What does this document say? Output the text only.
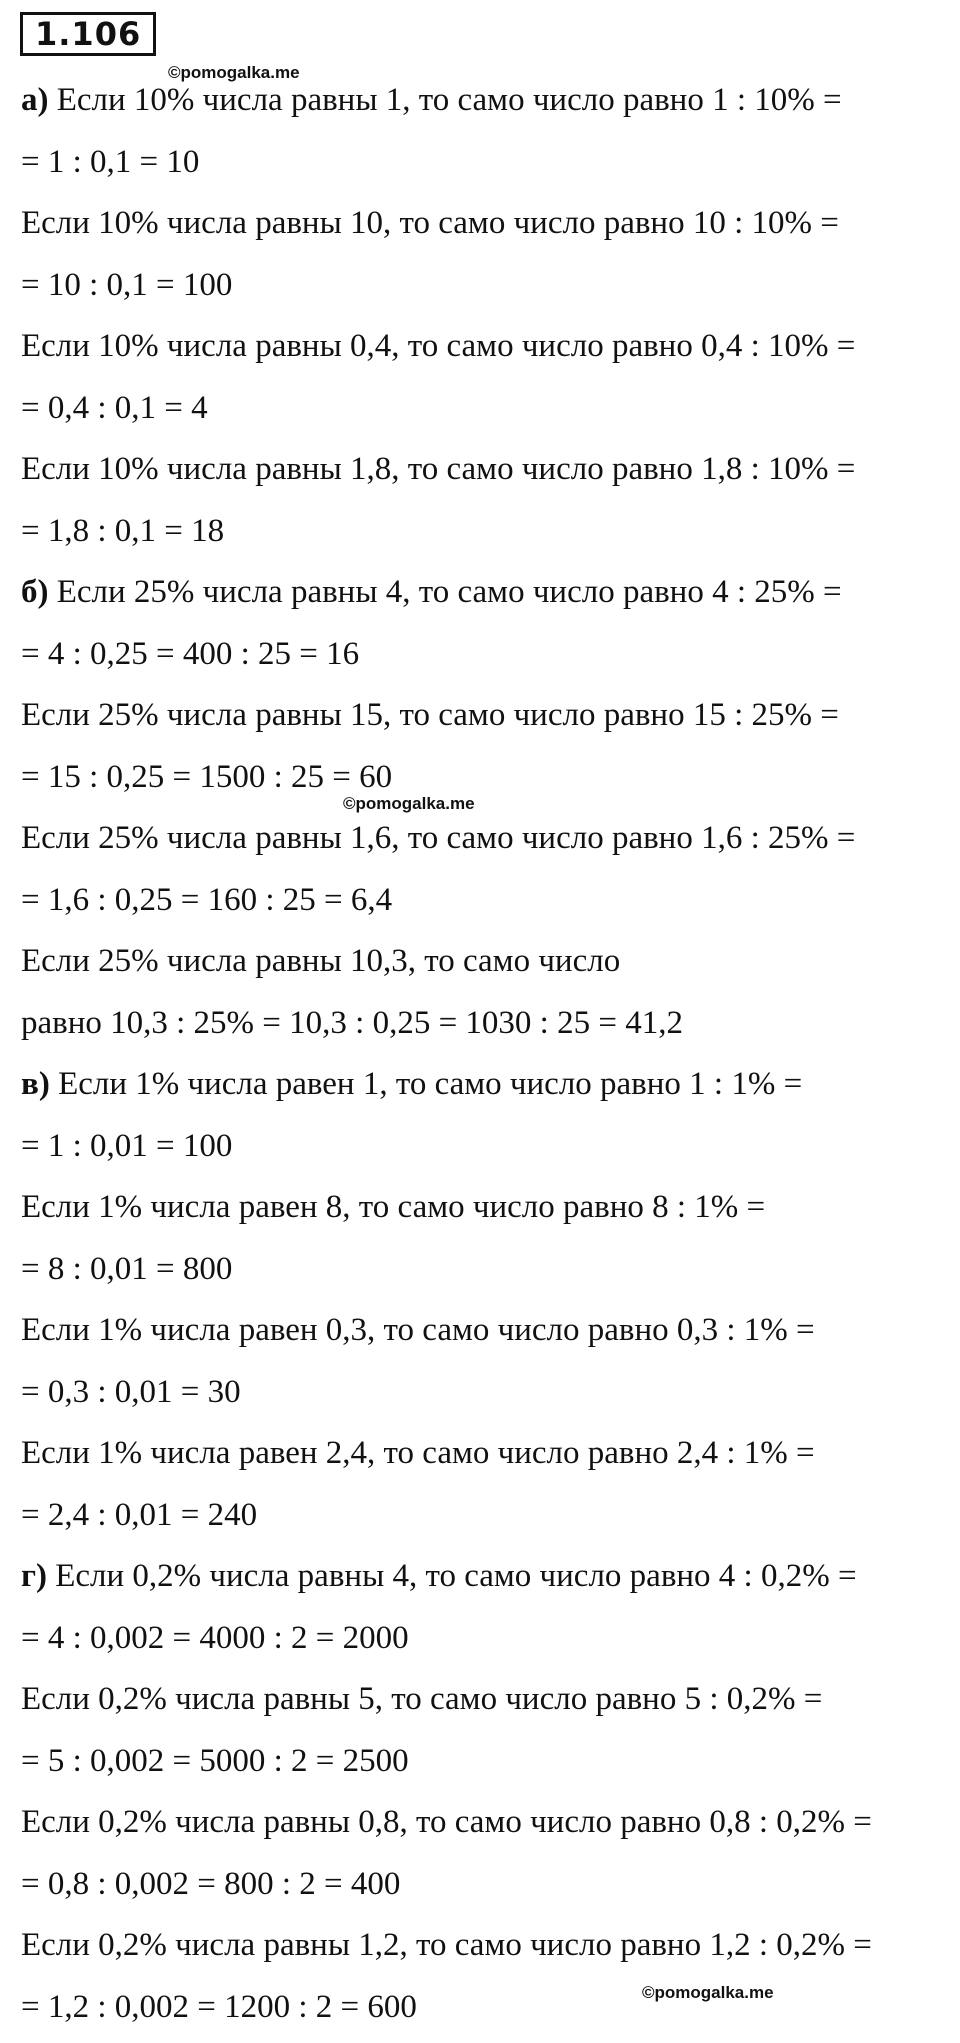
1.106
©pomogalka.me
©pomogalka.me
©pomogalka.me
а) Если 10% числа равны 1, то само число равно 1 : 10% =
= 1 : 0,1 = 10
Если 10% числа равны 10, то само число равно 10 : 10% =
= 10 : 0,1 = 100
Если 10% числа равны 0,4, то само число равно 0,4 : 10% =
= 0,4 : 0,1 = 4
Если 10% числа равны 1,8, то само число равно 1,8 : 10% =
= 1,8 : 0,1 = 18
б) Если 25% числа равны 4, то само число равно 4 : 25% =
= 4 : 0,25 = 400 : 25 = 16
Если 25% числа равны 15, то само число равно 15 : 25% =
= 15 : 0,25 = 1500 : 25 = 60
Если 25% числа равны 1,6, то само число равно 1,6 : 25% =
= 1,6 : 0,25 = 160 : 25 = 6,4
Если 25% числа равны 10,3, то само число
равно 10,3 : 25% = 10,3 : 0,25 = 1030 : 25 = 41,2
в) Если 1% числа равен 1, то само число равно 1 : 1% =
= 1 : 0,01 = 100
Если 1% числа равен 8, то само число равно 8 : 1% =
= 8 : 0,01 = 800
Если 1% числа равен 0,3, то само число равно 0,3 : 1% =
= 0,3 : 0,01 = 30
Если 1% числа равен 2,4, то само число равно 2,4 : 1% =
= 2,4 : 0,01 = 240
г) Если 0,2% числа равны 4, то само число равно 4 : 0,2% =
= 4 : 0,002 = 4000 : 2 = 2000
Если 0,2% числа равны 5, то само число равно 5 : 0,2% =
= 5 : 0,002 = 5000 : 2 = 2500
Если 0,2% числа равны 0,8, то само число равно 0,8 : 0,2% =
= 0,8 : 0,002 = 800 : 2 = 400
Если 0,2% числа равны 1,2, то само число равно 1,2 : 0,2% =
= 1,2 : 0,002 = 1200 : 2 = 600
